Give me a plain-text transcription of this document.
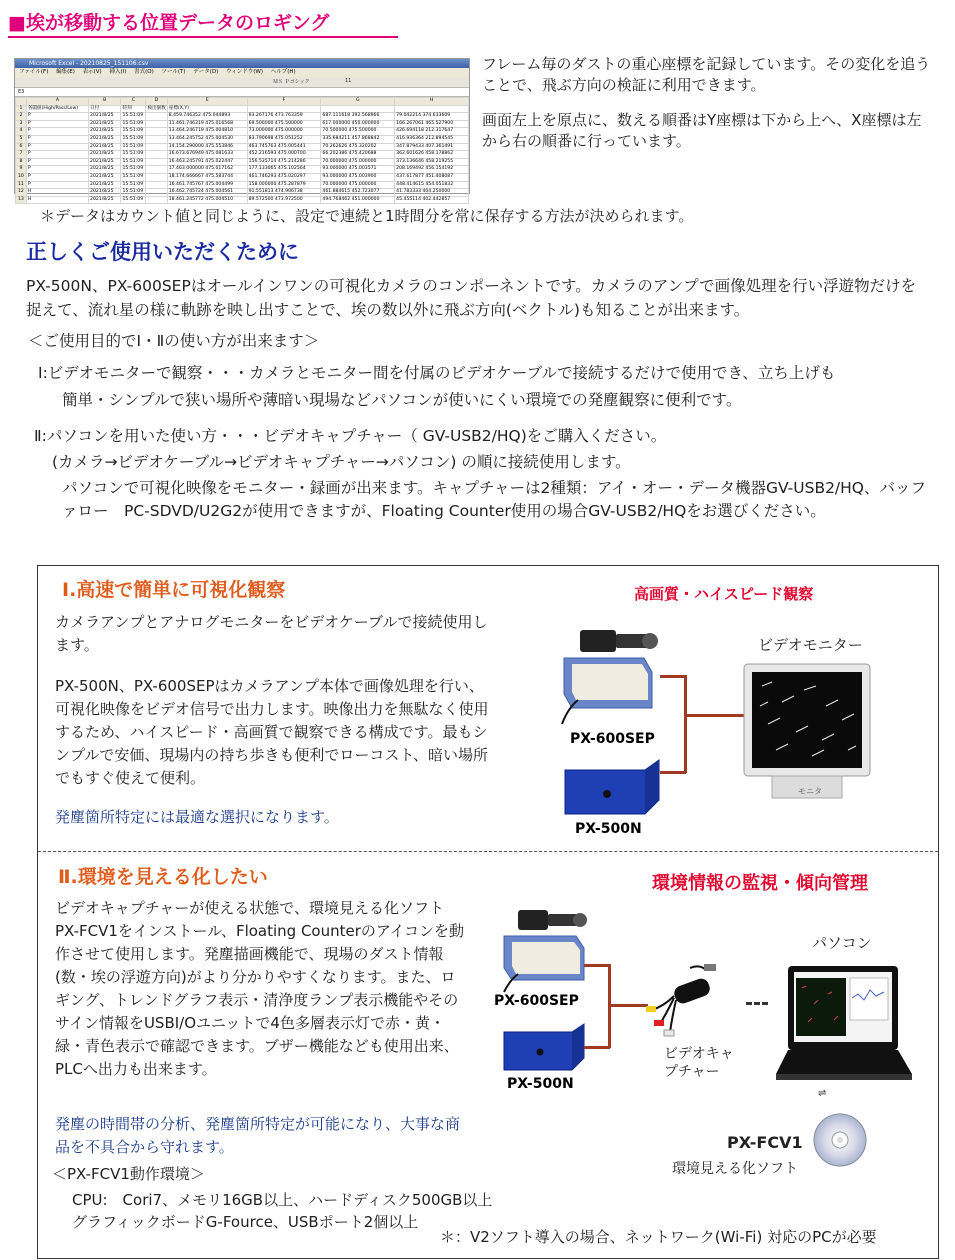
■埃が移動する位置データのロギング
Microsoft Excel - 20210825_151106.csv
ファイル(F) 編集(E) 表示(V) 挿入(I) 書式(O) ツール(T) データ(D) ウィンドウ(W) ヘルプ(H)
ＭＳ Ｐゴシック	11
E3
	A	B	C	D	E	F	G	H
1	各閾値(High/Pass/Low)	日付	時刻	検出個数	座標(X,Y)			
2	P	2021/8/25	15:51:09		8.459.746352 475.044893	93.267176 473.763359	687.111618 392.568966	79.042214 374.633609
3	P	2021/8/25	15:51:09		11.461.746319 475.016568	69.500000 475.500000	617.000000 450.000000	166.267061 465.527900
4	P	2021/8/25	15:51:09		13.464.246719 475.004810	73.000000 475.000000	70.500000 475.500000	426.694118 212.317647
5	P	2021/8/25	15:51:09		13.464.245752 475.004530	83.790698 475.051252	335.684211 457.868842	416.936364 212.894545
6	P	2021/8/25	15:51:09		14.154.290000 475.553846	463.745763 475.005441	70.262626 475.320202	347.879433 407.361491
7	P	2021/8/25	15:51:09		16.673.676949 475.081633	452.216593 475.000700	66.202386 475.420688	362.601626 458.178862
8	P	2021/8/25	15:51:09		16.463.245791 475.022447	156.535714 475.214286	70.000000 475.000000	373.136646 458.219255
9	P	2021/8/25	15:51:09		17.463.000000 475.017162	177.133065 475.102564	93.000000 475.003571	208.169492 456.154192
10	P	2021/8/25	15:51:09		18.174.666667 475.583744	461.746293 475.020297	93.000000 475.003900	437.617877 451.408087
11	P	2021/8/25	15:51:09		16.461.745767 475.004499	158.000000 475.287879	70.000000 475.000000	448.414615 454.051832
12	H	2021/8/25	15:51:09		16.462.745724 475.004561	91.551813 474.906738	461.884615 452.723077	41.783333 404.250000
13	H	2021/8/25	15:51:09		18.461.245772 475.004510	89.572500 473.972500	494.768462 451.000000	45.455114 402.442857
フレーム毎のダストの重心座標を記録しています。その変化を追うことで、飛ぶ方向の検証に利用できます。
画面左上を原点に、数える順番はY座標は下から上へ、X座標は左から右の順番に行っています。
＊データはカウント値と同じように、設定で連続と1時間分を常に保存する方法が決められます。
正しくご使用いただくために
PX-500N、PX-600SEPはオールインワンの可視化カメラのコンポーネントです。カメラのアンプで画像処理を行い浮遊物だけを捉えて、流れ星の様に軌跡を映し出すことで、埃の数以外に飛ぶ方向(ベクトル)も知ることが出来ます。
＜ご使用目的でⅠ・Ⅱの使い方が出来ます＞
Ⅰ:ビデオモニターで観察・・・カメラとモニター間を付属のビデオケーブルで接続するだけで使用でき、立ち上げも
簡単・シンプルで狭い場所や薄暗い現場などパソコンが使いにくい環境での発塵観察に便利です。
Ⅱ:パソコンを用いた使い方・・・ビデオキャプチャー（ GV-USB2/HQ)をご購入ください。
(カメラ→ビデオケーブル→ビデオキャプチャー→パソコン) の順に接続使用します。
パソコンで可視化映像をモニター・録画が出来ます。キャプチャーは2種類：アイ・オー・データ機器GV-USB2/HQ、バッファロー　PC-SDVD/U2G2が使用できますが、Floating Counter使用の場合GV-USB2/HQをお選びください。
Ⅰ.高速で簡単に可視化観察	高画質・ハイスピード観察
カメラアンプとアナログモニターをビデオケーブルで接続使用します。
PX-500N、PX-600SEPはカメラアンプ本体で画像処理を行い、可視化映像をビデオ信号で出力します。映像出力を無駄なく使用するため、ハイスピード・高画質で観察できる構成です。最もシンプルで安価、現場内の持ち歩きも便利でローコスト、暗い場所でもすぐ使えて便利。
発塵箇所特定には最適な選択になります。
PX-600SEP
PX-500N
ビデオモニター
モニタ
Ⅱ.環境を見える化したい	環境情報の監視・傾向管理
ビデオキャプチャーが使える状態で、環境見える化ソフトPX-FCV1をインストール、Floating Counterのアイコンを動作させて使用します。発塵描画機能で、現場のダスト情報(数・埃の浮遊方向)がより分かりやすくなります。また、ロギング、トレンドグラフ表示・清浄度ランプ表示機能やそのサイン情報をUSBI/Oユニットで4色多層表示灯で赤・黄・緑・青色表示で確認できます。ブザー機能なども使用出来、PLCへ出力も出来ます。
発塵の時間帯の分析、発塵箇所特定が可能になり、大事な商品を不具合から守れます。
＜PX-FCV1動作環境＞
CPU:　Cori7、メモリ16GB以上、ハードディスク500GB以上
グラフィックボードG-Fource、USBポート2個以上
＊：V2ソフト導入の場合、ネットワーク(Wi-Fi) 対応のPCが必要
PX-600SEP
PX-500N
ビデオキャ
プチャー
パソコン
⇌
PX-FCV1
環境見える化ソフト
